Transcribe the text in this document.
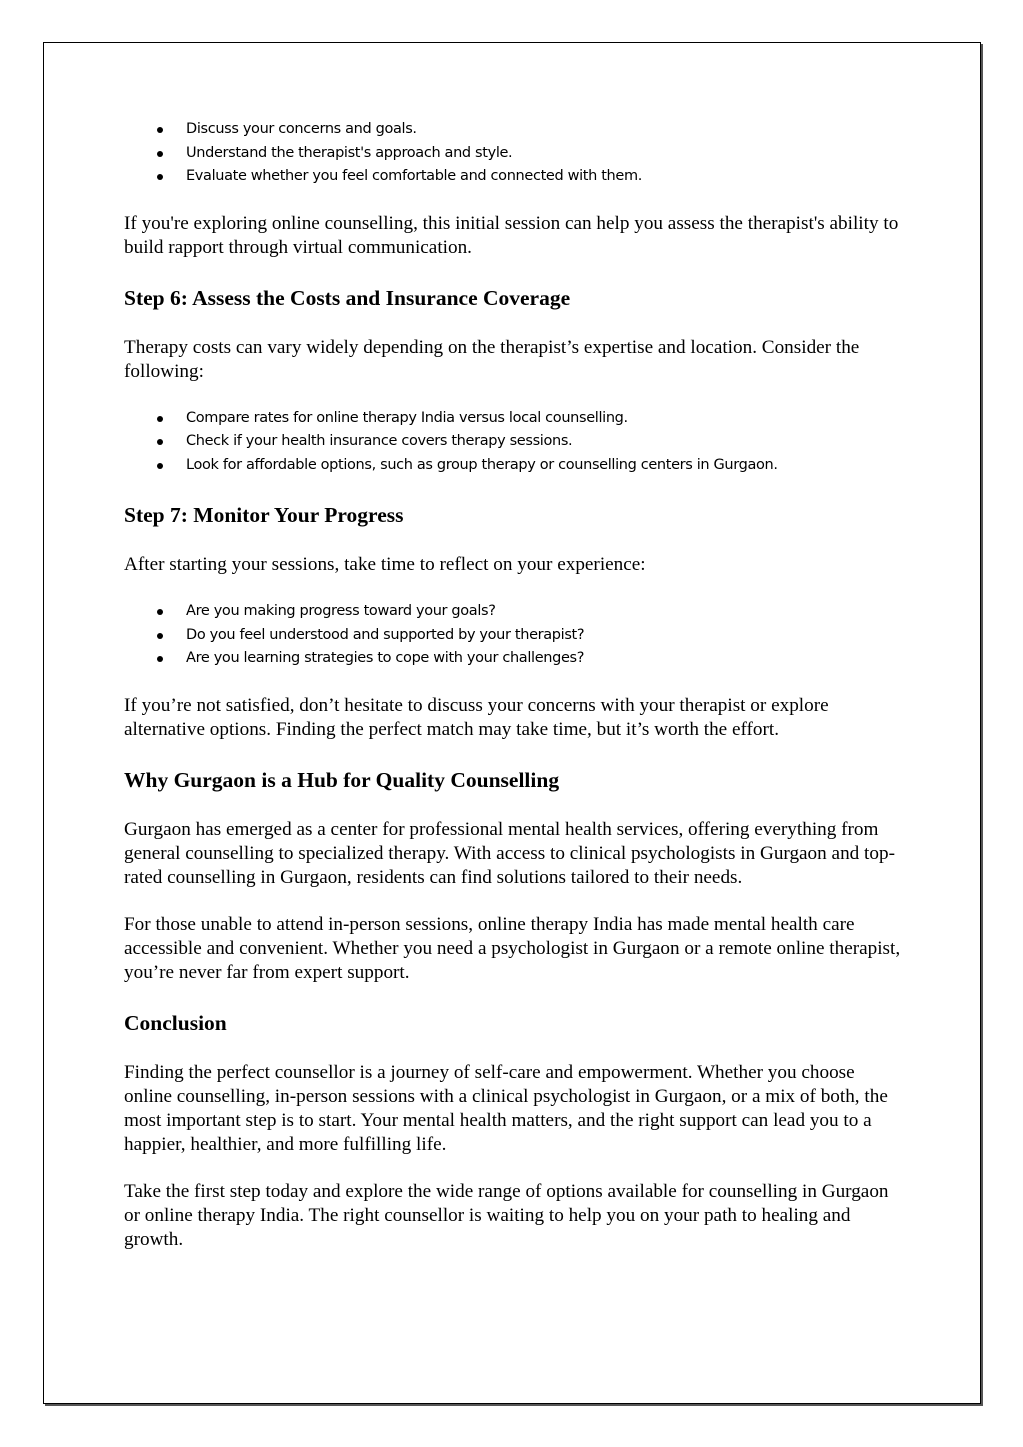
Discuss your concerns and goals.
Understand the therapist's approach and style.
Evaluate whether you feel comfortable and connected with them.

If you're exploring online counselling, this initial session can help you assess the therapist's ability to build rapport through virtual communication.

Step 6: Assess the Costs and Insurance Coverage

Therapy costs can vary widely depending on the therapist’s expertise and location. Consider the following:

Compare rates for online therapy India versus local counselling.
Check if your health insurance covers therapy sessions.
Look for affordable options, such as group therapy or counselling centers in Gurgaon.
Step 7: Monitor Your Progress

After starting your sessions, take time to reflect on your experience:

Are you making progress toward your goals?
Do you feel understood and supported by your therapist?
Are you learning strategies to cope with your challenges?

If you’re not satisfied, don’t hesitate to discuss your concerns with your therapist or explore alternative options. Finding the perfect match may take time, but it’s worth the effort.

Why Gurgaon is a Hub for Quality Counselling

Gurgaon has emerged as a center for professional mental health services, offering everything from general counselling to specialized therapy. With access to clinical psychologists in Gurgaon and top-rated counselling in Gurgaon, residents can find solutions tailored to their needs.

For those unable to attend in-person sessions, online therapy India has made mental health care accessible and convenient. Whether you need a psychologist in Gurgaon or a remote online therapist, you’re never far from expert support.

Conclusion

Finding the perfect counsellor is a journey of self-care and empowerment. Whether you choose online counselling, in-person sessions with a clinical psychologist in Gurgaon, or a mix of both, the most important step is to start. Your mental health matters, and the right support can lead you to a happier, healthier, and more fulfilling life.

Take the first step today and explore the wide range of options available for counselling in Gurgaon or online therapy India. The right counsellor is waiting to help you on your path to healing and growth.
